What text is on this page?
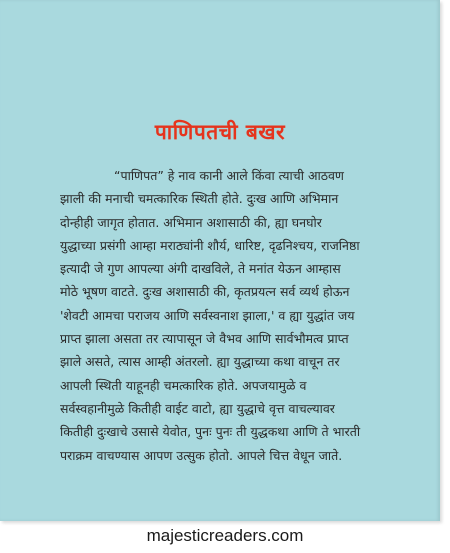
पाणिपतची बखर

“पाणिपत” हे नाव कानी आले किंवा त्याची आठवण
झाली की मनाची चमत्कारिक स्थिती होते. दुःख आणि अभिमान
दोन्हीही जागृत होतात. अभिमान अशासाठी की, ह्या घनघोर
युद्धाच्या प्रसंगी आम्हा मराठ्यांनी शौर्य, धारिष्ट, दृढनिश्चय, राजनिष्ठा
इत्यादी जे गुण आपल्या अंगी दाखविले, ते मनांत येऊन आम्हास
मोठे भूषण वाटते. दुःख अशासाठी की, कृतप्रयत्न सर्व व्यर्थ होऊन
'शेवटी आमचा पराजय आणि सर्वस्वनाश झाला,' व ह्या युद्धांत जय
प्राप्त झाला असता तर त्यापासून जे वैभव आणि सार्वभौमत्व प्राप्त
झाले असते, त्यास आम्ही अंतरलो. ह्या युद्धाच्या कथा वाचून तर
आपली स्थिती याहूनही चमत्कारिक होते. अपजयामुळे व
सर्वस्वहानीमुळे कितीही वाईट वाटो, ह्या युद्धाचे वृत्त वाचल्यावर
कितीही दुःखाचे उसासे येवोत, पुनः पुनः ती युद्धकथा आणि ते भारती
पराक्रम वाचण्यास आपण उत्सुक होतो. आपले चित्त वेधून जाते.

majesticreaders.com
